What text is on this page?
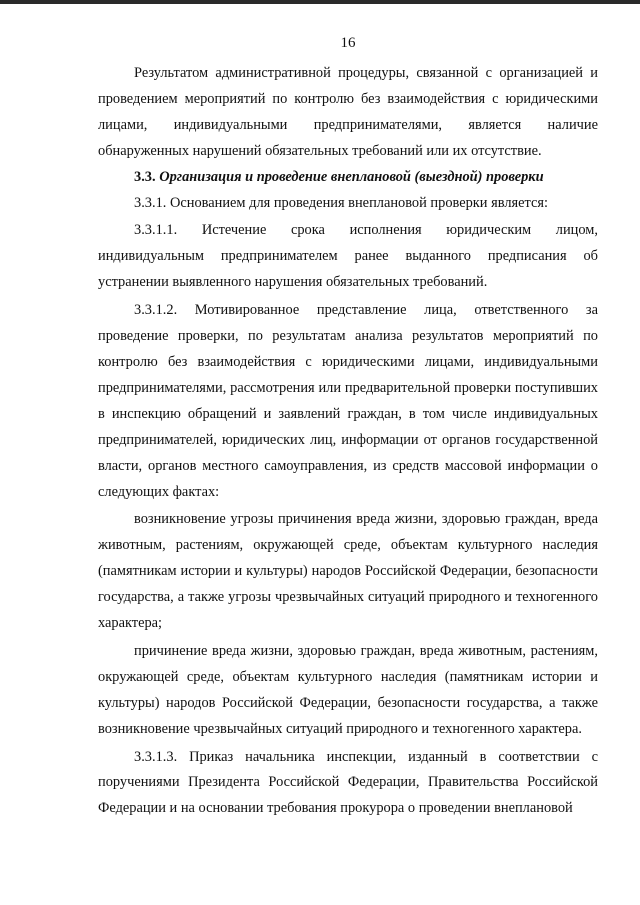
16

Результатом административной процедуры, связанной с организацией и проведением мероприятий по контролю без взаимодействия с юридическими лицами, индивидуальными предпринимателями, является наличие обнаруженных нарушений обязательных требований или их отсутствие.

3.3. Организация и проведение внеплановой (выездной) проверки

3.3.1. Основанием для проведения внеплановой проверки является:

3.3.1.1. Истечение срока исполнения юридическим лицом, индивидуальным предпринимателем ранее выданного предписания об устранении выявленного нарушения обязательных требований.

3.3.1.2. Мотивированное представление лица, ответственного за проведение проверки, по результатам анализа результатов мероприятий по контролю без взаимодействия с юридическими лицами, индивидуальными предпринимателями, рассмотрения или предварительной проверки поступивших в инспекцию обращений и заявлений граждан, в том числе индивидуальных предпринимателей, юридических лиц, информации от органов государственной власти, органов местного самоуправления, из средств массовой информации о следующих фактах:

возникновение угрозы причинения вреда жизни, здоровью граждан, вреда животным, растениям, окружающей среде, объектам культурного наследия (памятникам истории и культуры) народов Российской Федерации, безопасности государства, а также угрозы чрезвычайных ситуаций природного и техногенного характера;

причинение вреда жизни, здоровью граждан, вреда животным, растениям, окружающей среде, объектам культурного наследия (памятникам истории и культуры) народов Российской Федерации, безопасности государства, а также возникновение чрезвычайных ситуаций природного и техногенного характера.

3.3.1.3. Приказ начальника инспекции, изданный в соответствии с поручениями Президента Российской Федерации, Правительства Российской Федерации и на основании требования прокурора о проведении внеплановой
